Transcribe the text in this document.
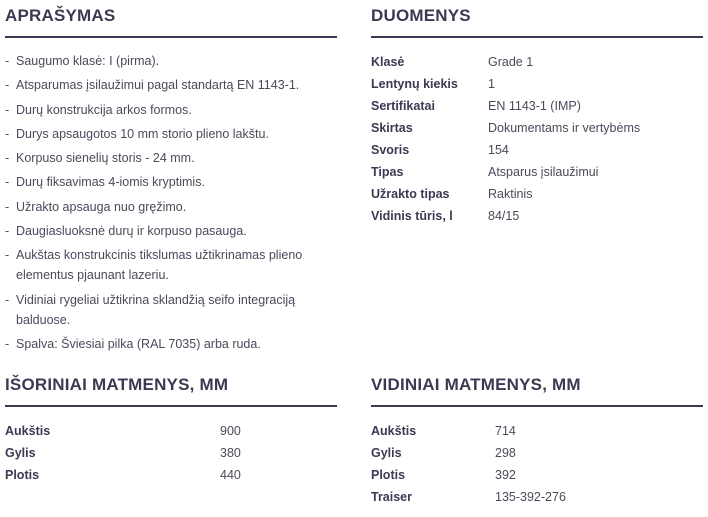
APRAŠYMAS
- Saugumo klasė: I (pirma).
- Atsparumas įsilaužimui pagal standartą EN 1143-1.
- Durų konstrukcija arkos formos.
- Durys apsaugotos 10 mm storio plieno lakštu.
- Korpuso sienelių storis - 24 mm.
- Durų fiksavimas 4-iomis kryptimis.
- Užrakto apsauga nuo gręžimo.
- Daugiasluoksnė durų ir korpuso pasauga.
- Aukštas konstrukcinis tikslumas užtikrinamas plieno elementus pjaunant lazeriu.
- Vidiniai rygeliai užtikrina sklandžią seifo integraciją balduose.
- Spalva: Šviesiai pilka (RAL 7035) arba ruda.
DUOMENYS
Klasė	Grade 1
Lentynų kiekis	1
Sertifikatai	EN 1143-1 (IMP)
Skirtas	Dokumentams ir vertybėms
Svoris	154
Tipas	Atsparus įsilaužimui
Užrakto tipas	Raktinis
Vidinis tūris, l	84/15
IŠORINIAI MATMENYS, MM
Aukštis	900
Gylis	380
Plotis	440
VIDINIAI MATMENYS, MM
Aukštis	714
Gylis	298
Plotis	392
Traiser	135-392-276
